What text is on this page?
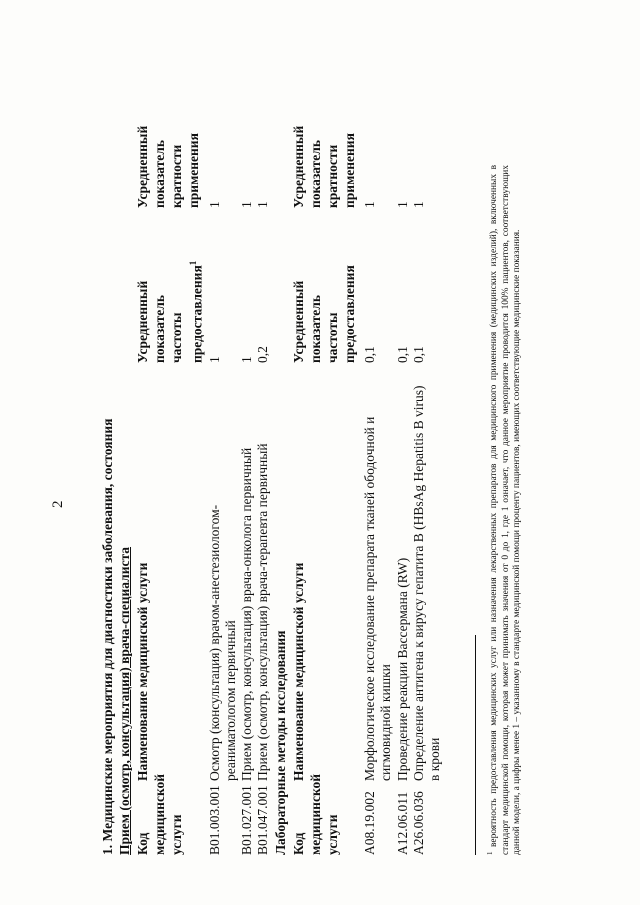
2	1. Медицинские мероприятия для диагностики заболевания, состояния Прием (осмотр, консультация) врача-специалиста Код медицинской услуги
Наименование медицинской услуги
Усредненный показатель частоты предоставления$^1$
Усредненный показатель кратности применения
B01.003.001
Осмотр (консультация) врачом-анестезиологом-реаниматологом первичный
1
1
B01.027.001
Прием (осмотр, консультация) врача-онколога первичный
1
1
B01.047.001
Прием (осмотр, консультация) врача-терапевта первичный
0,2
1
Лабораторные методы исследования Код медицинской услуги
Наименование медицинской услуги
Усредненный показатель частоты предоставления
Усредненный показатель кратности применения
A08.19.002
Морфологическое исследование препарата тканей ободочной и сигмовидной кишки
0,1
1
A12.06.011
Проведение реакции Вассермана (RW)
0,1
1
A26.06.036
Определение антигена к вирусу гепатита B (HBsAg Hepatitis B virus) в крови
0,1
1
$^1$ вероятность предоставления медицинских услуг или назначения лекарственных препаратов для медицинского применения (медицинских изделий), включенных в стандарт медицинской помощи, которая может принимать значения от 0 до 1, где 1 означает, что данное мероприятие проводится 100% пациентов, соответствующих данной модели, а цифры менее 1 – указанному в стандарте медицинской помощи проценту пациентов, имеющих соответствующие медицинские показания.
